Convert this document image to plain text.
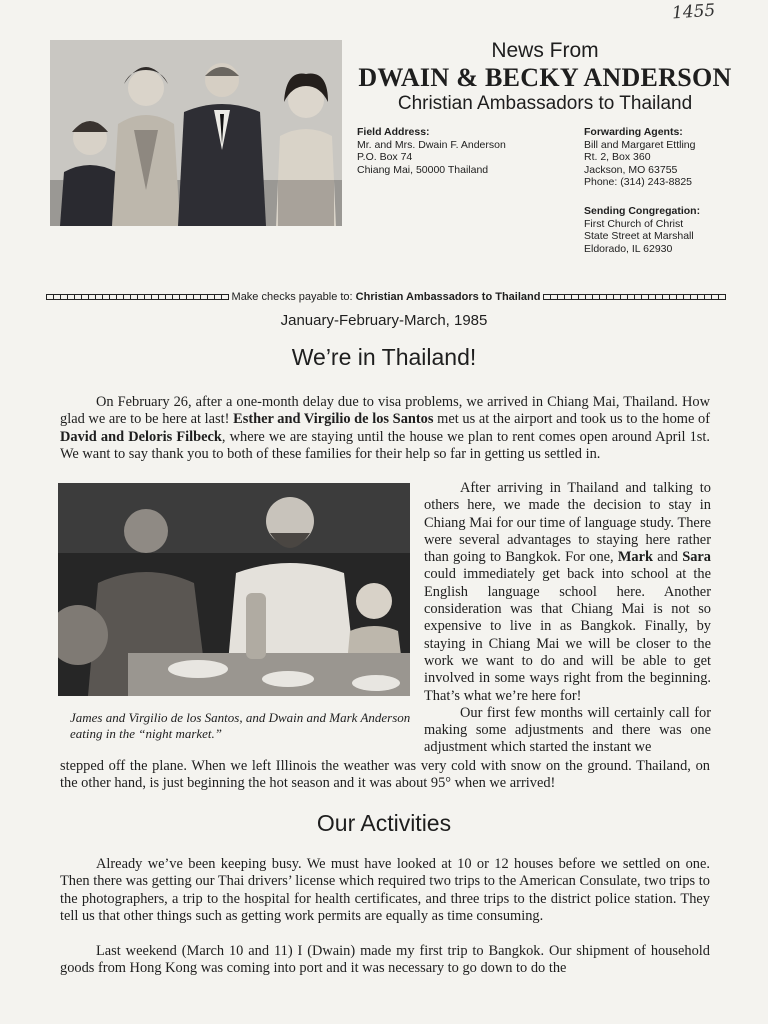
1455
News From
DWAIN & BECKY ANDERSON
Christian Ambassadors to Thailand
Field Address:
Mr. and Mrs. Dwain F. Anderson
P.O. Box 74
Chiang Mai, 50000 Thailand
Forwarding Agents:
Bill and Margaret Ettling
Rt. 2, Box 360
Jackson, MO 63755
Phone: (314) 243-8825
Sending Congregation:
First Church of Christ
State Street at Marshall
Eldorado, IL 62930
Make checks payable to: Christian Ambassadors to Thailand
January-February-March, 1985
We’re in Thailand!
On February 26, after a one-month delay due to visa problems, we arrived in Chiang Mai, Thailand. How glad we are to be here at last! Esther and Virgilio de los Santos met us at the airport and took us to the home of David and Deloris Filbeck, where we are staying until the house we plan to rent comes open around April 1st. We want to say thank you to both of these families for their help so far in getting us settled in.
James and Virgilio de los Santos, and Dwain and Mark Anderson eating in the “night market.”
After arriving in Thailand and talking to others here, we made the decision to stay in Chiang Mai for our time of language study. There were several advantages to staying here rather than going to Bangkok. For one, Mark and Sara could immediately get back into school at the English language school here. Another consideration was that Chiang Mai is not so expensive to live in as Bangkok. Finally, by staying in Chiang Mai we will be closer to the work we want to do and will be able to get involved in some ways right from the beginning. That’s what we’re here for!
Our first few months will certainly call for making some adjustments and there was one adjustment which started the instant we
stepped off the plane. When we left Illinois the weather was very cold with snow on the ground. Thailand, on the other hand, is just beginning the hot season and it was about 95° when we arrived!
Our Activities
Already we’ve been keeping busy. We must have looked at 10 or 12 houses before we settled on one. Then there was getting our Thai drivers’ license which required two trips to the American Consulate, two trips to the photographers, a trip to the hospital for health certificates, and three trips to the district police station. They tell us that other things such as getting work permits are equally as time consuming.
Last weekend (March 10 and 11) I (Dwain) made my first trip to Bangkok. Our shipment of household goods from Hong Kong was coming into port and it was necessary to go down to do the
